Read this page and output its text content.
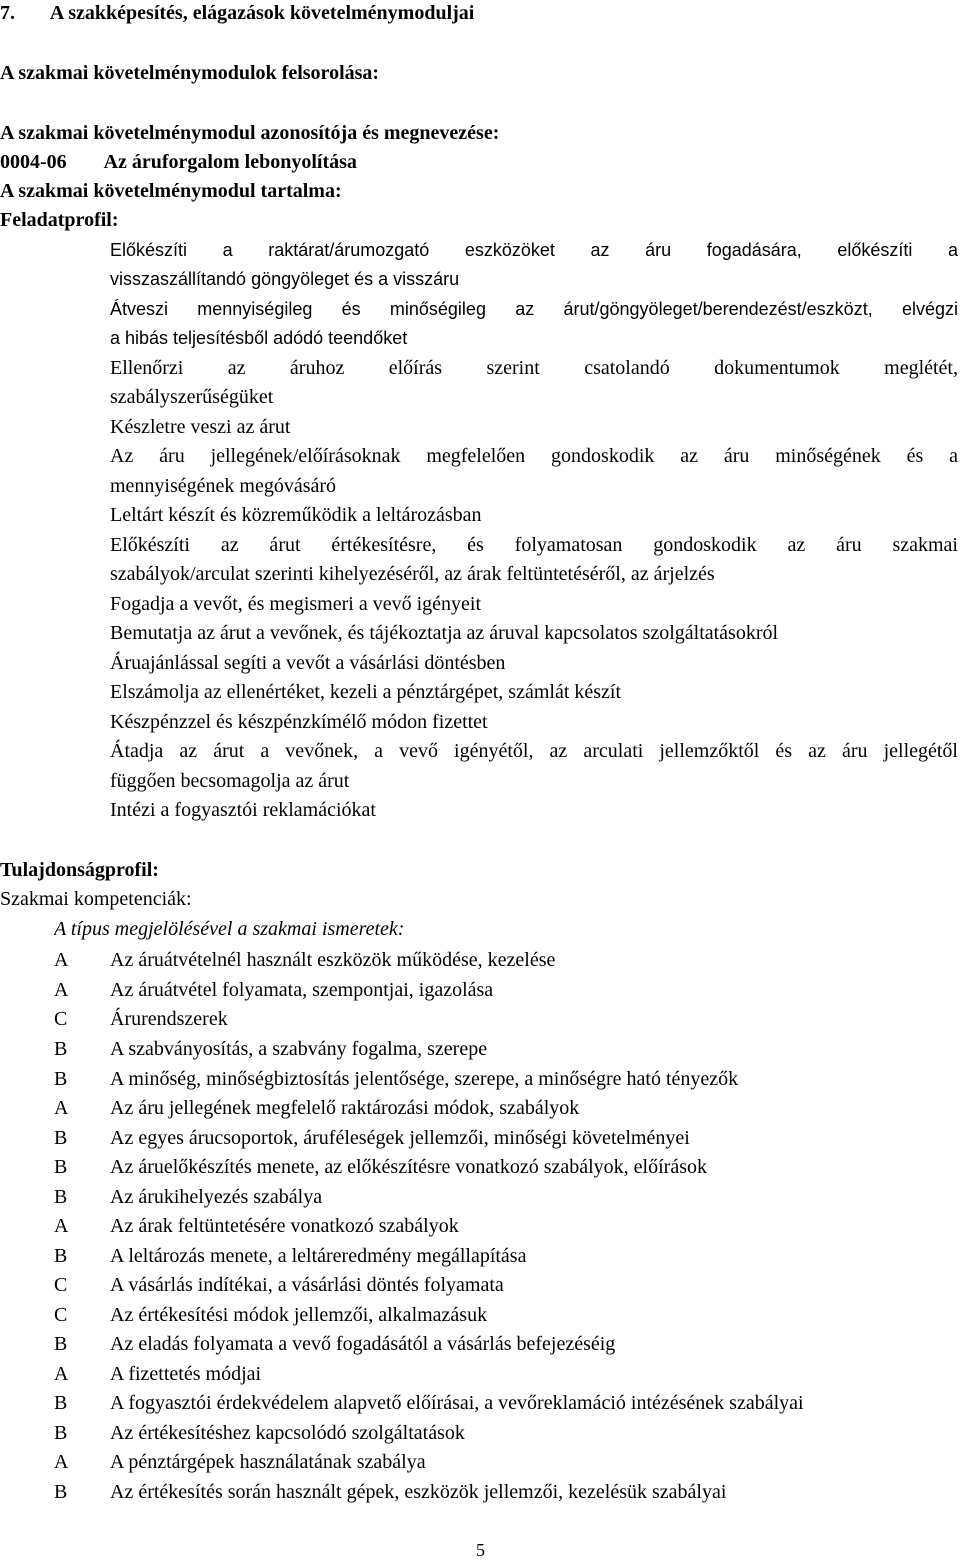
7. A szakképesítés, elágazások követelménymoduljai
A szakmai követelménymodulok felsorolása:
A szakmai követelménymodul azonosítója és megnevezése:
0004-06 Az áruforgalom lebonyolítása
A szakmai követelménymodul tartalma:
Feladatprofil:
Előkészíti a raktárat/árumozgató eszközöket az áru fogadására, előkészíti a
visszaszállítandó göngyöleget és a visszáru
Átveszi mennyiségileg és minőségileg az árut/göngyöleget/berendezést/eszközt, elvégzi
a hibás teljesítésből adódó teendőket
Ellenőrzi az áruhoz előírás szerint csatolandó dokumentumok meglétét,
szabályszerűségüket
Készletre veszi az árut
Az áru jellegének/előírásoknak megfelelően gondoskodik az áru minőségének és a
mennyiségének megóvásáró
Leltárt készít és közreműködik a leltározásban
Előkészíti az árut értékesítésre, és folyamatosan gondoskodik az áru szakmai
szabályok/arculat szerinti kihelyezéséről, az árak feltüntetéséről, az árjelzés
Fogadja a vevőt, és megismeri a vevő igényeit
Bemutatja az árut a vevőnek, és tájékoztatja az áruval kapcsolatos szolgáltatásokról
Áruajánlással segíti a vevőt a vásárlási döntésben
Elszámolja az ellenértéket, kezeli a pénztárgépet, számlát készít
Készpénzzel és készpénzkímélő módon fizettet
Átadja az árut a vevőnek, a vevő igényétől, az arculati jellemzőktől és az áru jellegétől
függően becsomagolja az árut
Intézi a fogyasztói reklamációkat
Tulajdonságprofil:
Szakmai kompetenciák:
A típus megjelölésével a szakmai ismeretek:
A	Az áruátvételnél használt eszközök működése, kezelése
A	Az áruátvétel folyamata, szempontjai, igazolása
C	Árurendszerek
B	A szabványosítás, a szabvány fogalma, szerepe
B	A minőség, minőségbiztosítás jelentősége, szerepe, a minőségre ható tényezők
A	Az áru jellegének megfelelő raktározási módok, szabályok
B	Az egyes árucsoportok, áruféleségek jellemzői, minőségi követelményei
B	Az áruelőkészítés menete, az előkészítésre vonatkozó szabályok, előírások
B	Az árukihelyezés szabálya
A	Az árak feltüntetésére vonatkozó szabályok
B	A leltározás menete, a leltáreredmény megállapítása
C	A vásárlás indítékai, a vásárlási döntés folyamata
C	Az értékesítési módok jellemzői, alkalmazásuk
B	Az eladás folyamata a vevő fogadásától a vásárlás befejezéséig
A	A fizettetés módjai
B	A fogyasztói érdekvédelem alapvető előírásai, a vevőreklamáció intézésének szabályai
B	Az értékesítéshez kapcsolódó szolgáltatások
A	A pénztárgépek használatának szabálya
B	Az értékesítés során használt gépek, eszközök jellemzői, kezelésük szabályai
5
